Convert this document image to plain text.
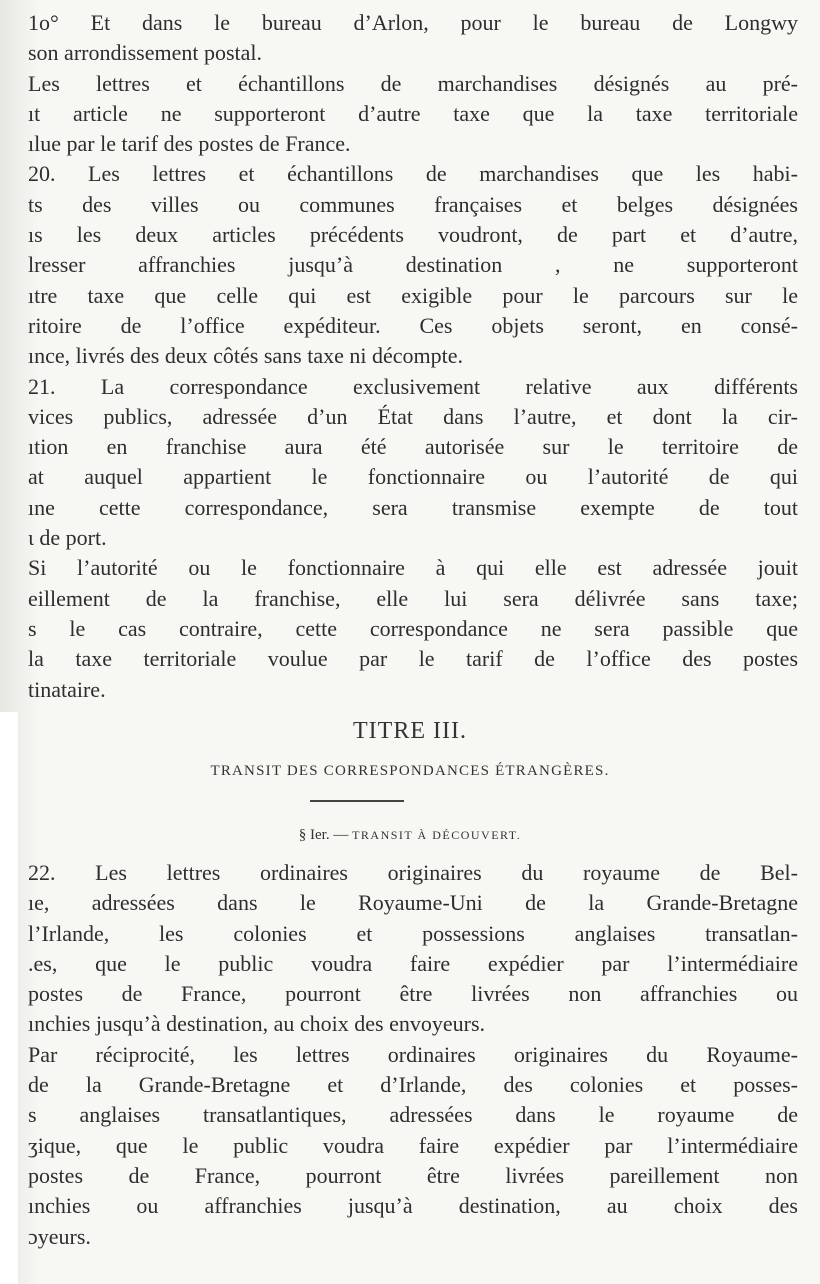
1o° Et dans le bureau d’Arlon, pour le bureau de Longwy
son arrondissement postal.
Les lettres et échantillons de marchandises désignés au pré-
ıt article ne supporteront d’autre taxe que la taxe territoriale
ılue par le tarif des postes de France.
20. Les lettres et échantillons de marchandises que les habi-
ts des villes ou communes françaises et belges désignées
ıs les deux articles précédents voudront, de part et d’autre,
lresser affranchies jusqu’à destination , ne supporteront
ıtre taxe que celle qui est exigible pour le parcours sur le
ritoire de l’office expéditeur. Ces objets seront, en consé-
ınce, livrés des deux côtés sans taxe ni décompte.
21. La correspondance exclusivement relative aux différents
vices publics, adressée d’un État dans l’autre, et dont la cir-
ıtion en franchise aura été autorisée sur le territoire de
at auquel appartient le fonctionnaire ou l’autorité de qui
ıne cette correspondance, sera transmise exempte de tout
ι de port.
Si l’autorité ou le fonctionnaire à qui elle est adressée jouit
eillement de la franchise, elle lui sera délivrée sans taxe;
s le cas contraire, cette correspondance ne sera passible que
la taxe territoriale voulue par le tarif de l’office des postes
tinataire.
TITRE III.
TRANSIT DES CORRESPONDANCES ÉTRANGÈRES.
§ Ier. — TRANSIT À DÉCOUVERT.
22. Les lettres ordinaires originaires du royaume de Bel-
ıe, adressées dans le Royaume-Uni de la Grande-Bretagne
l’Irlande, les colonies et possessions anglaises transatlan-
.es, que le public voudra faire expédier par l’intermédiaire
postes de France, pourront être livrées non affranchies ou
ınchies jusqu’à destination, au choix des envoyeurs.
Par réciprocité, les lettres ordinaires originaires du Royaume-
de la Grande-Bretagne et d’Irlande, des colonies et posses-
s anglaises transatlantiques, adressées dans le royaume de
ʒique, que le public voudra faire expédier par l’intermédiaire
postes de France, pourront être livrées pareillement non
ınchies ou affranchies jusqu’à destination, au choix des
ɔyeurs.
